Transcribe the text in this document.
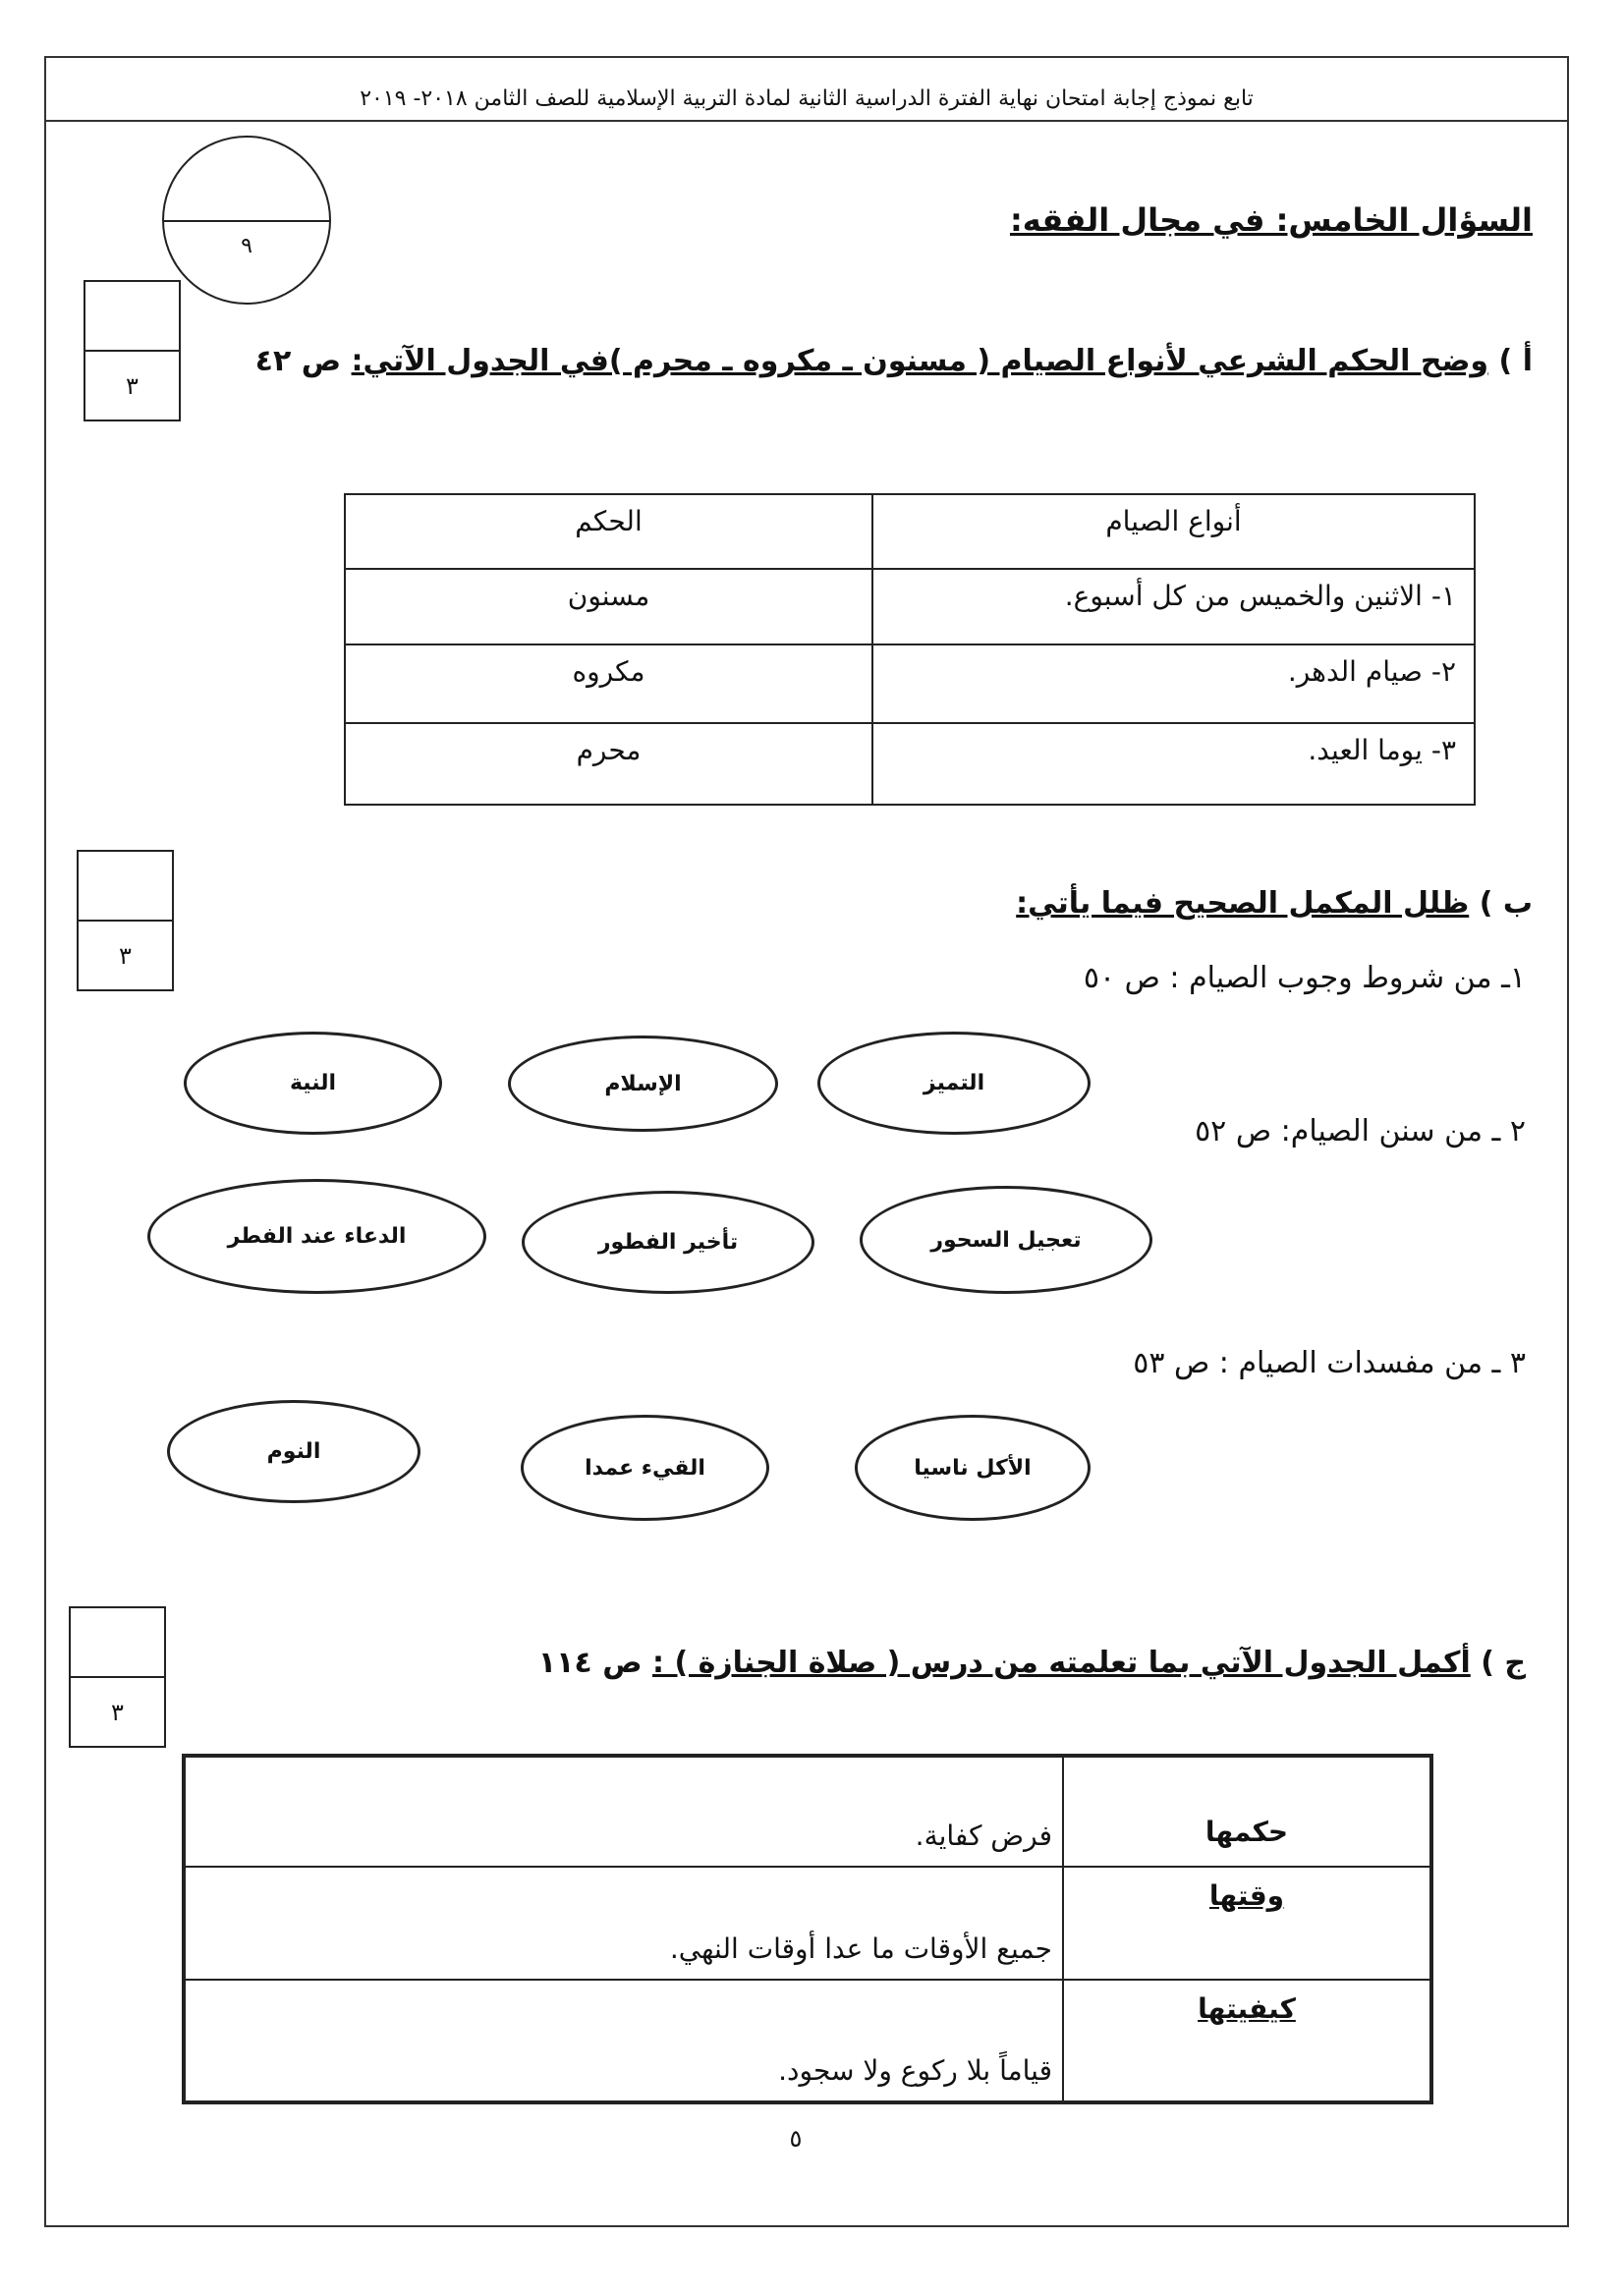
تابع نموذج إجابة امتحان نهاية الفترة الدراسية الثانية لمادة التربية الإسلامية للصف الثامن ٢٠١٨- ٢٠١٩
٩
السؤال الخامس: في مجال الفقه:
٣
أ ) وضح الحكم الشرعي لأنواع الصيام ( مسنون ـ مكروه ـ محرم )في الجدول الآتي: ص ٤٢
أنواع الصيام	الحكم
١- الاثنين والخميس من كل أسبوع.	مسنون
٢- صيام الدهر.	مكروه
٣- يوما العيد.	محرم
٣
ب ) ظلل المكمل الصحيح فيما يأتي:
١ـ من شروط وجوب الصيام : ص ٥٠
التميز
الإسلام
النية
٢ ـ من سنن الصيام: ص ٥٢
تعجيل السحور
تأخير الفطور
الدعاء عند الفطر
٣ ـ من مفسدات الصيام : ص ٥٣
الأكل ناسيا
القيء عمدا
النوم
٣
ج ) أكمل الجدول الآتي بما تعلمته من درس ( صلاة الجنازة ) : ص ١١٤
حكمها	فرض كفاية.
وقتها	جميع الأوقات ما عدا أوقات النهي.
كيفيتها	قياماً بلا ركوع ولا سجود.
٥
